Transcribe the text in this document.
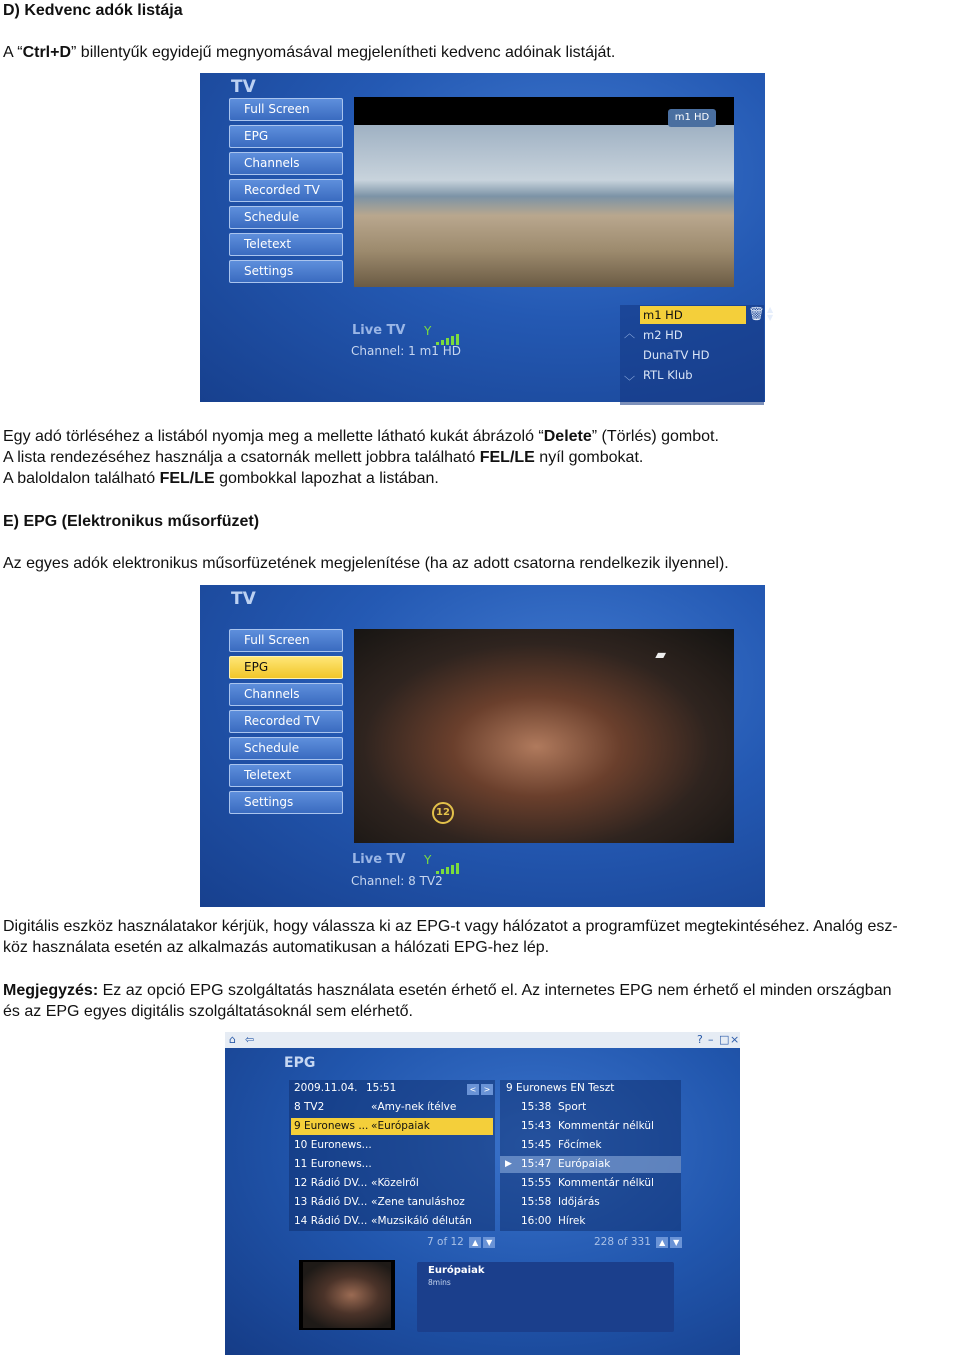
D) Kedvenc adók listája

A “Ctrl+D” billentyűk egyidejű megnyomásával megjelenítheti kedvenc adóinak listáját.

TV
Full Screen
EPG
Channels
Recorded TV
Schedule
Teletext
Settings
m1 HD
Live TV Y
Channel: 1 m1 HD
︿
﹀
m1 HD
m2 HD
DunaTV HD
RTL Klub
🗑 ▲
▼

Egy adó törléséhez a listából nyomja meg a mellette látható kukát ábrázoló “Delete” (Törlés) gombot.

A lista rendezéséhez használja a csatornák mellett jobbra található FEL/LE nyíl gombokat.

A baloldalon található FEL/LE gombokkal lapozhat a listában.

E) EPG (Elektronikus műsorfüzet)

Az egyes adók elektronikus műsorfüzetének megjelenítése (ha az adott csatorna rendelkezik ilyennel).

TV
Full Screen
EPG
Channels
Recorded TV
Schedule
Teletext
Settings
▰
12
Live TV Y
Channel: 8 TV2

Digitális eszköz használatakor kérjük, hogy válassza ki az EPG-t vagy hálózatot a programfüzet megtekintéséhez. Analóg esz-

köz használata esetén az alkalmazás automatikusan a hálózati EPG-hez lép.

Megjegyzés: Ez az opció EPG szolgáltatás használata esetén érhető el. Az internetes EPG nem érhető el minden országban

és az EPG egyes digitális szolgáltatásoknál sem elérhető.

⌂ ⇦	? – □ ×
EPG
2009.11.04. 15:51	< >
8 TV2	«Amy-nek ítélve
9 Euronews ... «Európaiak
10 Euronews...
11 Euronews...
12 Rádió DV... «Közelről
13 Rádió DV... «Zene tanuláshoz
14 Rádió DV... «Muzsikáló délután
7 of 12 ▲ ▼
9 Euronews EN Teszt
15:38 Sport
15:43 Kommentár nélkül
15:45 Főcímek
▶ 15:47 Európaiak
15:55 Kommentár nélkül
15:58 Időjárás
16:00 Hírek
228 of 331 ▲ ▼
Európaiak
8mins
